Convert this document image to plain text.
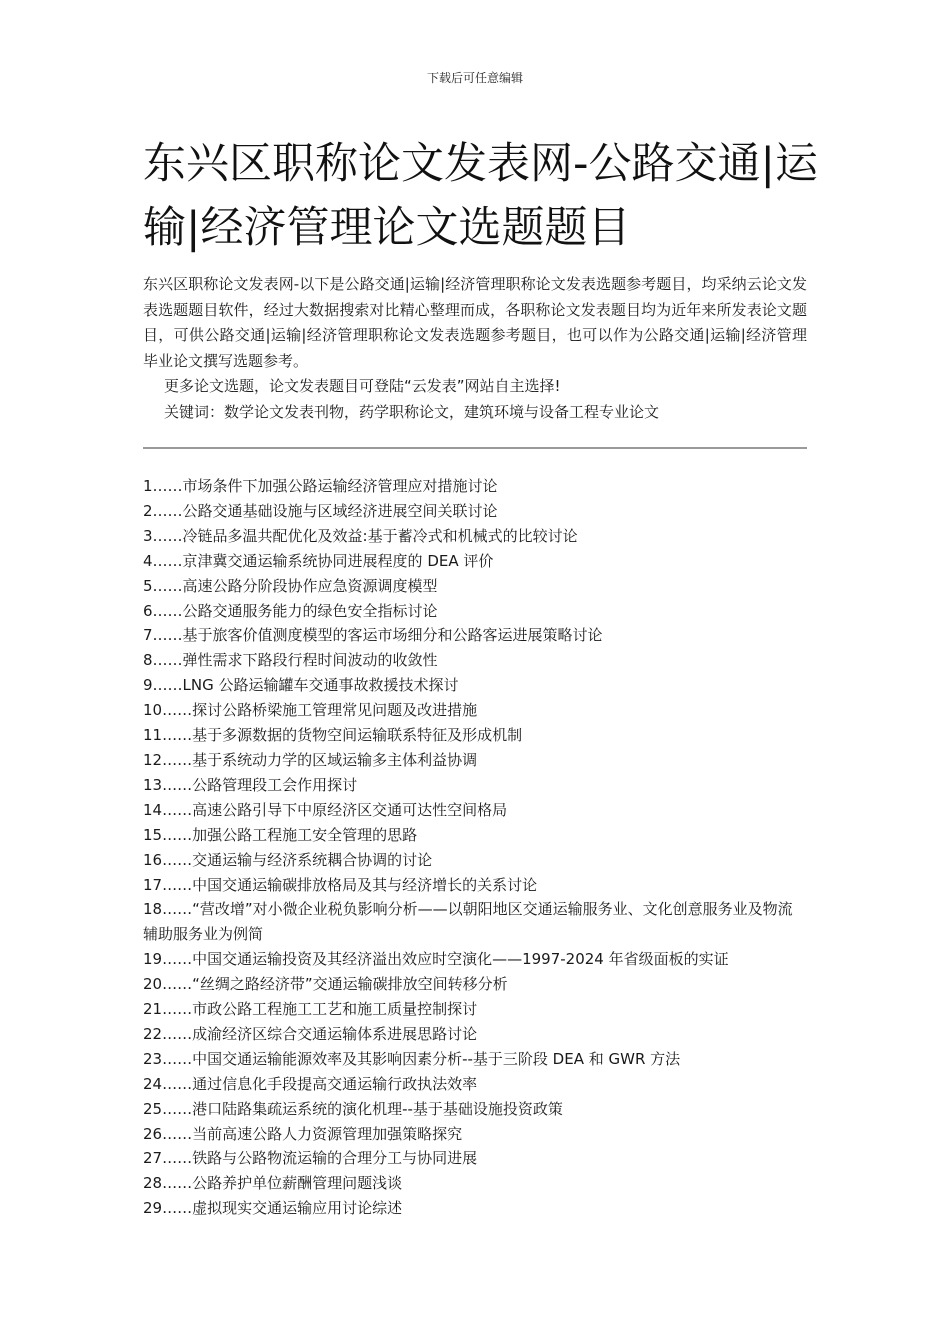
下载后可任意编辑
东兴区职称论文发表网-公路交通|运输|经济管理论文选题题目

东兴区职称论文发表网-以下是公路交通|运输|经济管理职称论文发表选题参考题目，均采纳云论文发表选题题目软件，经过大数据搜索对比精心整理而成，各职称论文发表题目均为近年来所发表论文题目，可供公路交通|运输|经济管理职称论文发表选题参考题目，也可以作为公路交通|运输|经济管理毕业论文撰写选题参考。

更多论文选题，论文发表题目可登陆“云发表”网站自主选择!

关键词：数学论文发表刊物，药学职称论文，建筑环境与设备工程专业论文

1……市场条件下加强公路运输经济管理应对措施讨论
2……公路交通基础设施与区域经济进展空间关联讨论
3……冷链品多温共配优化及效益:基于蓄冷式和机械式的比较讨论
4……京津冀交通运输系统协同进展程度的 DEA 评价
5……高速公路分阶段协作应急资源调度模型
6……公路交通服务能力的绿色安全指标讨论
7……基于旅客价值测度模型的客运市场细分和公路客运进展策略讨论
8……弹性需求下路段行程时间波动的收敛性
9……LNG 公路运输罐车交通事故救援技术探讨
10……探讨公路桥梁施工管理常见问题及改进措施
11……基于多源数据的货物空间运输联系特征及形成机制
12……基于系统动力学的区域运输多主体利益协调
13……公路管理段工会作用探讨
14……高速公路引导下中原经济区交通可达性空间格局
15……加强公路工程施工安全管理的思路
16……交通运输与经济系统耦合协调的讨论
17……中国交通运输碳排放格局及其与经济增长的关系讨论
18……“营改增”对小微企业税负影响分析——以朝阳地区交通运输服务业、文化创意服务业及物流辅助服务业为例简
19……中国交通运输投资及其经济溢出效应时空演化——1997-2024 年省级面板的实证
20……“丝绸之路经济带”交通运输碳排放空间转移分析
21……市政公路工程施工工艺和施工质量控制探讨
22……成渝经济区综合交通运输体系进展思路讨论
23……中国交通运输能源效率及其影响因素分析--基于三阶段 DEA 和 GWR 方法
24……通过信息化手段提高交通运输行政执法效率
25……港口陆路集疏运系统的演化机理--基于基础设施投资政策
26……当前高速公路人力资源管理加强策略探究
27……铁路与公路物流运输的合理分工与协同进展
28……公路养护单位薪酬管理问题浅谈
29……虚拟现实交通运输应用讨论综述
